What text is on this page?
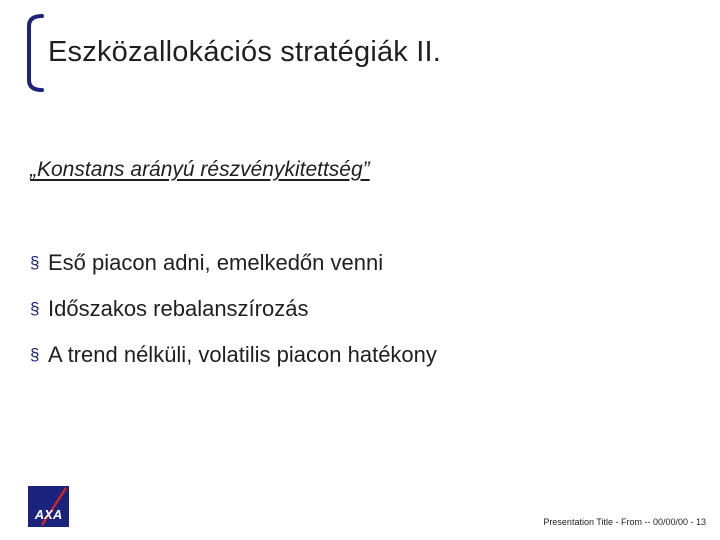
Eszközallokációs stratégiák II.
„Konstans arányú részvénykitettség”
§ Eső piacon adni, emelkedőn venni
§ Időszakos rebalanszírozás
§ A trend nélküli, volatilis piacon hatékony
AXA	Presentation Title - From -- 00/00/00 - 13
